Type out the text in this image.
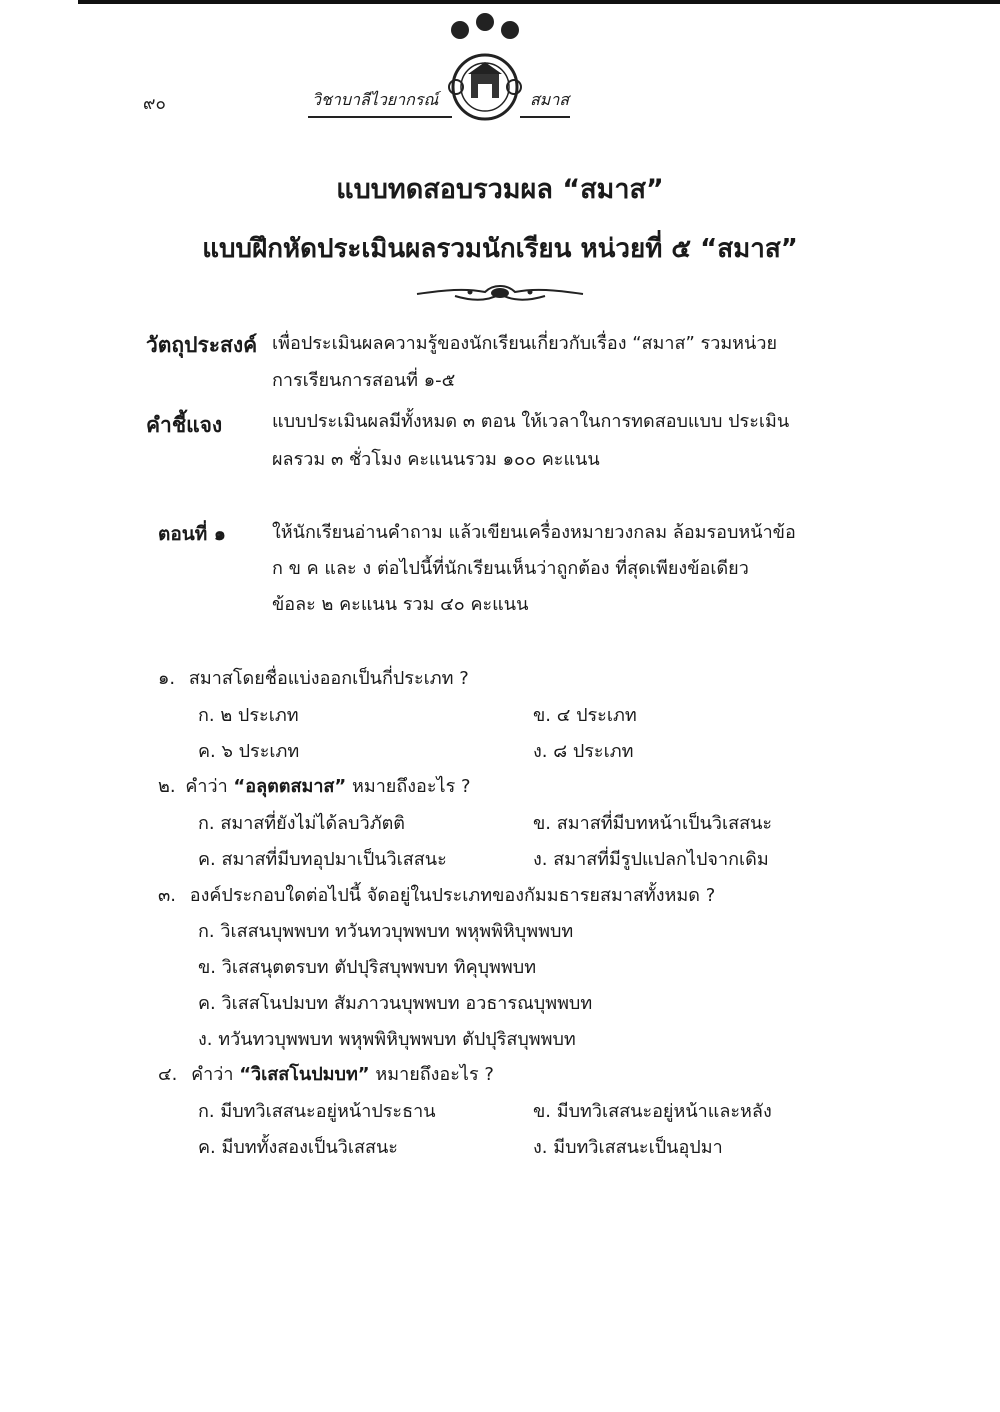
๙๐	วิชาบาลีไวยากรณ์	สมาส
แบบทดสอบรวมผล “สมาส”
แบบฝึกหัดประเมินผลรวมนักเรียน หน่วยที่ ๕ “สมาส”
วัตถุประสงค์ เพื่อประเมินผลความรู้ของนักเรียนเกี่ยวกับเรื่อง “สมาส” รวมหน่วย
การเรียนการสอนที่ ๑-๕
คำชี้แจง	แบบประเมินผลมีทั้งหมด ๓ ตอน ให้เวลาในการทดสอบแบบ ประเมิน
ผลรวม ๓ ชั่วโมง คะแนนรวม ๑๐๐ คะแนน
ตอนที่ ๑	ให้นักเรียนอ่านคำถาม แล้วเขียนเครื่องหมายวงกลม ล้อมรอบหน้าข้อ
ก ข ค และ ง ต่อไปนี้ที่นักเรียนเห็นว่าถูกต้อง ที่สุดเพียงข้อเดียว
ข้อละ ๒ คะแนน รวม ๔๐ คะแนน
๑. สมาสโดยชื่อแบ่งออกเป็นกี่ประเภท ?
ก. ๒ ประเภท	ข. ๔ ประเภท
ค. ๖ ประเภท	ง. ๘ ประเภท
๒. คำว่า “อลุตตสมาส” หมายถึงอะไร ?
ก. สมาสที่ยังไม่ได้ลบวิภัตติ	ข. สมาสที่มีบทหน้าเป็นวิเสสนะ
ค. สมาสที่มีบทอุปมาเป็นวิเสสนะ	ง. สมาสที่มีรูปแปลกไปจากเดิม
๓. องค์ประกอบใดต่อไปนี้ จัดอยู่ในประเภทของกัมมธารยสมาสทั้งหมด ?
ก. วิเสสนบุพพบท ทวันทวบุพพบท พหุพพิหิบุพพบท
ข. วิเสสนุตตรบท ตัปปุริสบุพพบท ทิคุบุพพบท
ค. วิเสสโนปมบท สัมภาวนบุพพบท อวธารณบุพพบท
ง. ทวันทวบุพพบท พหุพพิหิบุพพบท ตัปปุริสบุพพบท
๔. คำว่า “วิเสสโนปมบท” หมายถึงอะไร ?
ก. มีบทวิเสสนะอยู่หน้าประธาน	ข. มีบทวิเสสนะอยู่หน้าและหลัง
ค. มีบททั้งสองเป็นวิเสสนะ	ง. มีบทวิเสสนะเป็นอุปมา
